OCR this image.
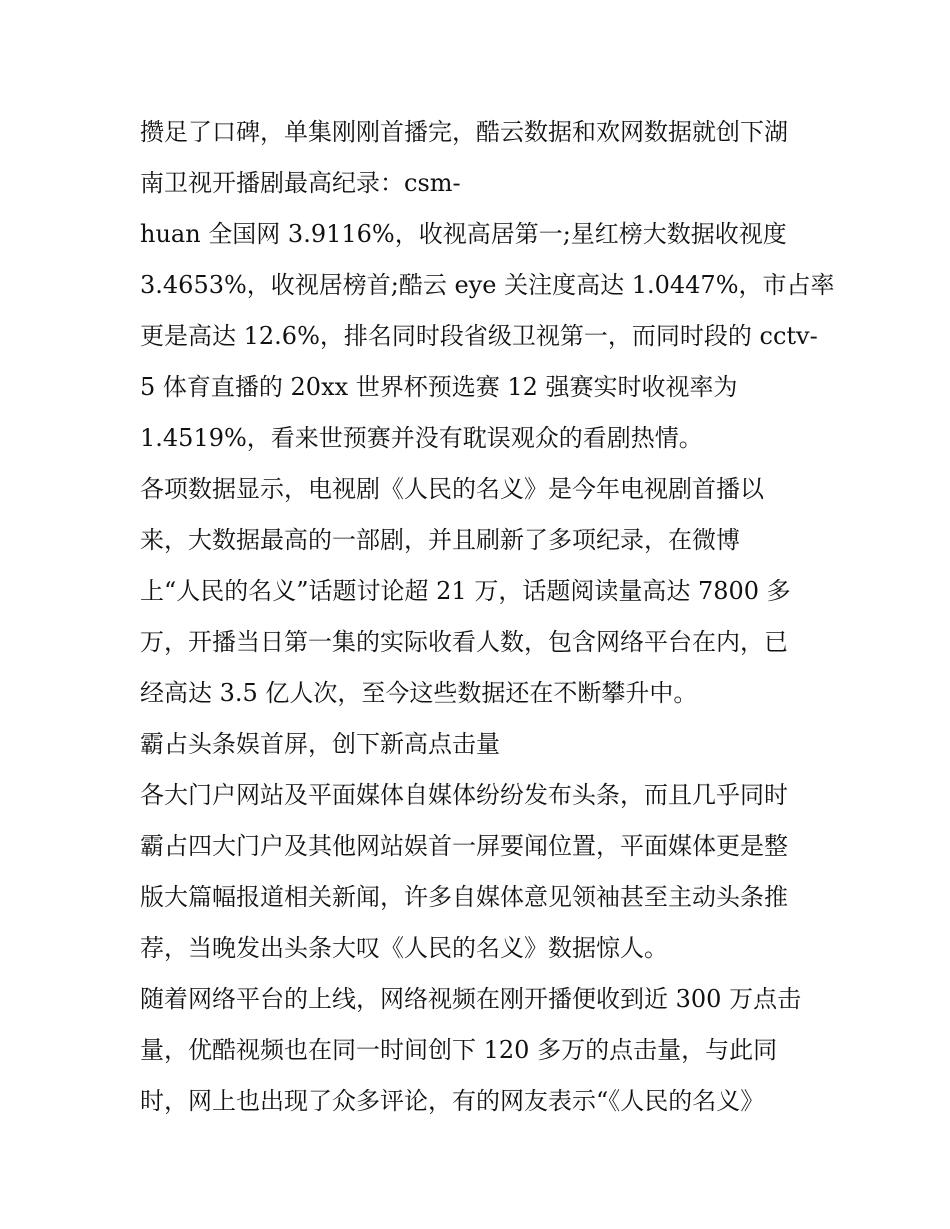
攒足了口碑，单集刚刚首播完，酷云数据和欢网数据就创下湖
南卫视开播剧最高纪录：csm-
huan 全国网 3.9116%，收视高居第一;星红榜大数据收视度
3.4653%，收视居榜首;酷云 eye 关注度高达 1.0447%，市占率
更是高达 12.6%，排名同时段省级卫视第一，而同时段的 cctv-
5 体育直播的 20xx 世界杯预选赛 12 强赛实时收视率为
1.4519%，看来世预赛并没有耽误观众的看剧热情。
各项数据显示，电视剧《人民的名义》是今年电视剧首播以
来，大数据最高的一部剧，并且刷新了多项纪录，在微博
上“人民的名义”话题讨论超 21 万，话题阅读量高达 7800 多
万，开播当日第一集的实际收看人数，包含网络平台在内，已
经高达 3.5 亿人次，至今这些数据还在不断攀升中。
霸占头条娱首屏，创下新高点击量
各大门户网站及平面媒体自媒体纷纷发布头条，而且几乎同时
霸占四大门户及其他网站娱首一屏要闻位置，平面媒体更是整
版大篇幅报道相关新闻，许多自媒体意见领袖甚至主动头条推
荐，当晚发出头条大叹《人民的名义》数据惊人。
随着网络平台的上线，网络视频在刚开播便收到近 300 万点击
量，优酷视频也在同一时间创下 120 多万的点击量，与此同
时，网上也出现了众多评论，有的网友表示“《人民的名义》
